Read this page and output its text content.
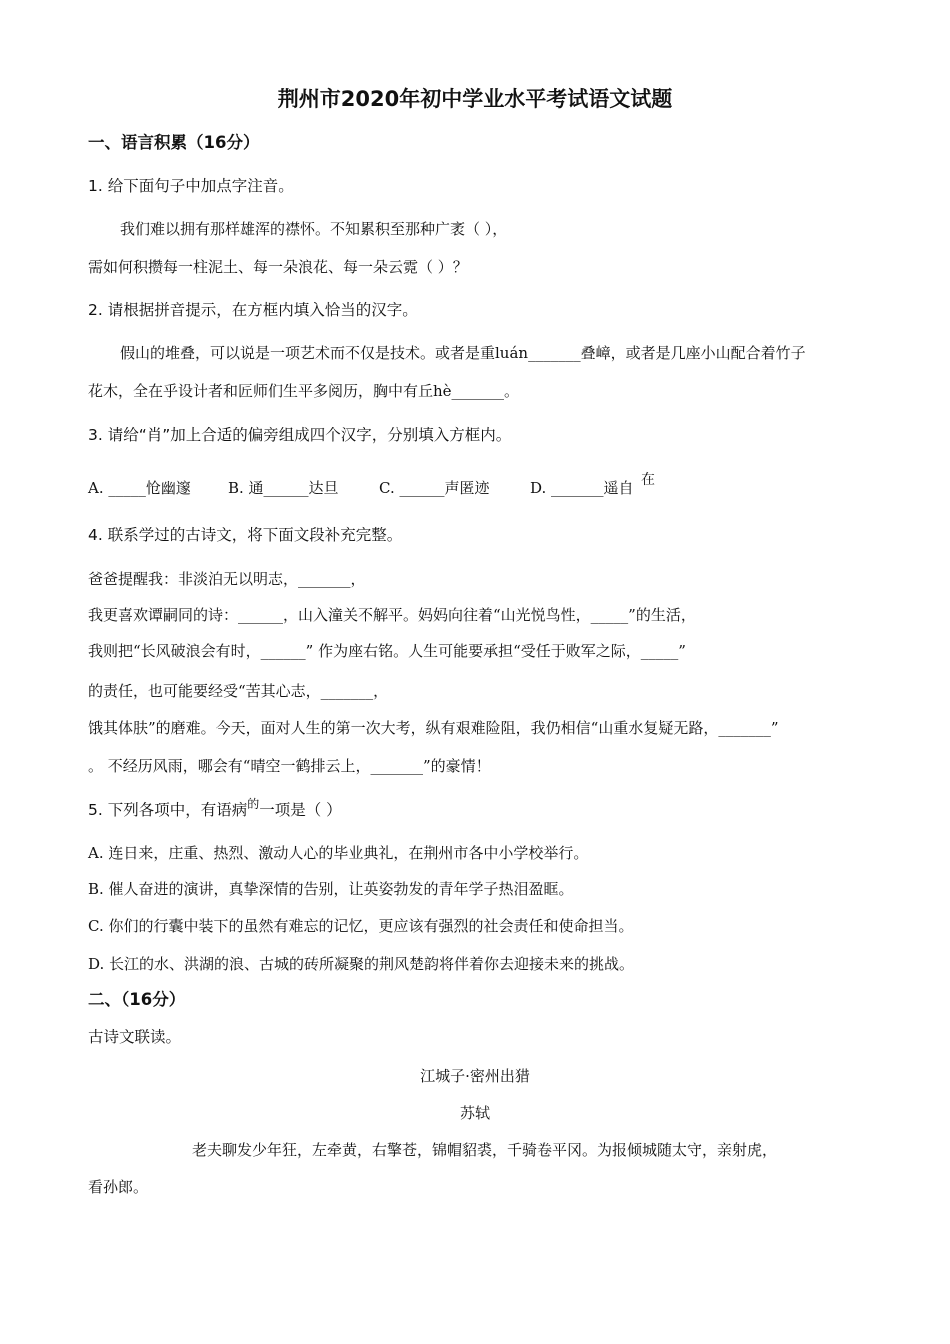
荆州市2020年初中学业水平考试语文试题
一、语言积累（16分）
1. 给下面句子中加点字注音。
我们难以拥有那样雄浑的襟怀。不知累积至那种广袤（ ），
需如何积攒每一柱泥土、每一朵浪花、每一朵云霓（ ）？
2. 请根据拼音提示，在方框内填入恰当的汉字。
假山的堆叠，可以说是一项艺术而不仅是技术。或者是重luán_______叠嶂，或者是几座小山配合着竹子
花木，全在乎设计者和匠师们生平多阅历，胸中有丘hè_______。
3. 请给“肖”加上合适的偏旁组成四个汉字，分别填入方框内。
A. _____怆幽邃 B. 通______达旦	C. ______声匿迹	D. _______遥自 在
4. 联系学过的古诗文，将下面文段补充完整。
爸爸提醒我：非淡泊无以明志，_______，
我更喜欢谭嗣同的诗：______，山入潼关不解平。妈妈向往着“山光悦鸟性，_____”的生活，
我则把“长风破浪会有时，______” 作为座右铭。人生可能要承担“受任于败军之际，_____”
的责任，也可能要经受“苦其心志，_______，
饿其体肤”的磨难。今天，面对人生的第一次大考，纵有艰难险阻，我仍相信“山重水复疑无路，_______”
。 不经历风雨，哪会有“晴空一鹤排云上，_______”的豪情！
5. 下列各项中，有语病$^的$一项是（ ）
A. 连日来，庄重、热烈、激动人心的毕业典礼，在荆州市各中小学校举行。
B. 催人奋进的演讲，真挚深情的告别，让英姿勃发的青年学子热泪盈眶。
C. 你们的行囊中装下的虽然有难忘的记忆，更应该有强烈的社会责任和使命担当。
D. 长江的水、洪湖的浪、古城的砖所凝聚的荆风楚韵将伴着你去迎接未来的挑战。
二、（16分）
古诗文联读。
江城子·密州出猎
苏轼
老夫聊发少年狂，左牵黄，右擎苍，锦帽貂裘，千骑卷平冈。为报倾城随太守，亲射虎，
看孙郎。
